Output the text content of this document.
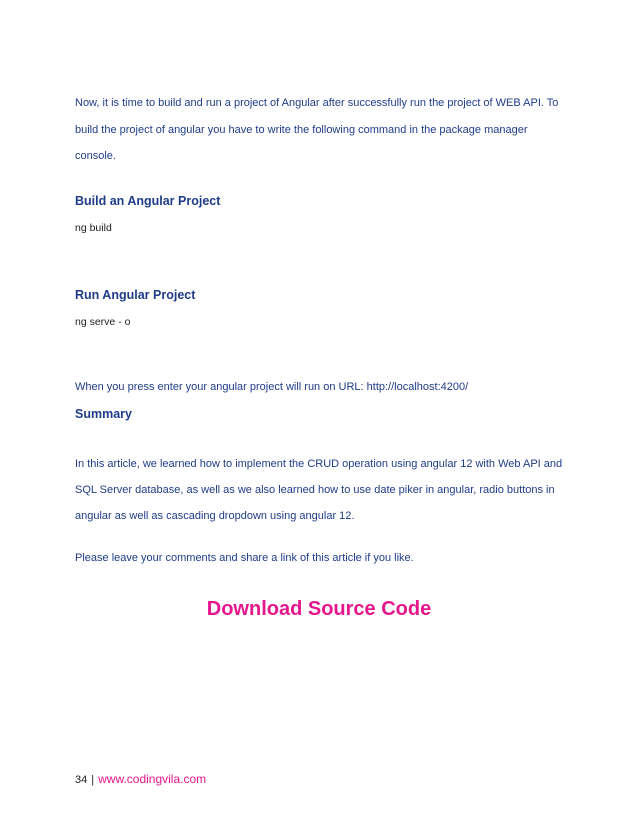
Now, it is time to build and run a project of Angular after successfully run the project of WEB API. To

build the project of angular you have to write the following command in the package manager

console.

Build an Angular Project

ng build

Run Angular Project

ng serve - o

When you press enter your angular project will run on URL: http://localhost:4200/

Summary

In this article, we learned how to implement the CRUD operation using angular 12 with Web API and

SQL Server database, as well as we also learned how to use date piker in angular, radio buttons in

angular as well as cascading dropdown using angular 12.

Please leave your comments and share a link of this article if you like.

Download Source Code
34 | www.codingvila.com
